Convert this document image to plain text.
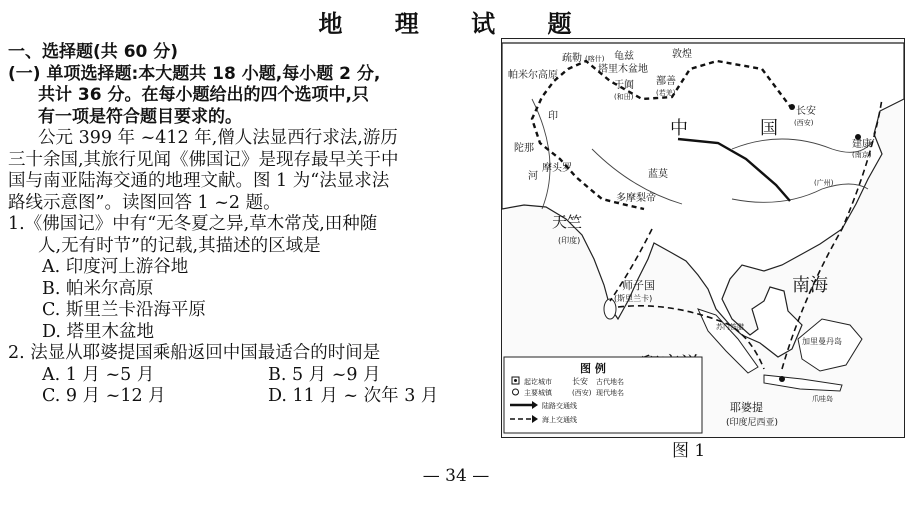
地 理 试 题
一、选择题(共 60 分)
(一) 单项选择题:本大题共 18 小题,每小题 2 分,
共计 36 分。在每小题给出的四个选项中,只
有一项是符合题目要求的。
公元 399 年 ~412 年,僧人法显西行求法,游历
三十余国,其旅行见闻《佛国记》是现存最早关于中
国与南亚陆海交通的地理文献。图 1 为“法显求法
路线示意图”。读图回答 1 ~2 题。
1.《佛国记》中有“无冬夏之异,草木常茂,田种随
人,无有时节”的记载,其描述的区域是
A. 印度河上游谷地
B. 帕米尔高原
C. 斯里兰卡沿海平原
D. 塔里木盆地
2. 法显从耶婆提国乘船返回中国最适合的时间是
A. 1 月 ~5 月	B. 5 月 ~9 月
C. 9 月 ~12 月	D. 11 月 ~ 次年 3 月
帕米尔高原
疏勒 (喀什) 龟兹
塔里木盆地
于阗
(和田)
敦煌
鄯善
(若羌)
中	国
长安
(西安)
建康
(南京)
(广州)
陀那
摩头罗
蓝莫
多摩梨帝
天竺
(印度)
师子国
(斯里兰卡)
南海
耶婆提
(印度尼西亚)
加里曼丹岛
苏门答腊
爪哇岛
印
河
图 例
起讫城市	长安 古代地名
主要城镇	(西安) 现代地名
陆路交通线
海上交通线
图 1
— 34 —
